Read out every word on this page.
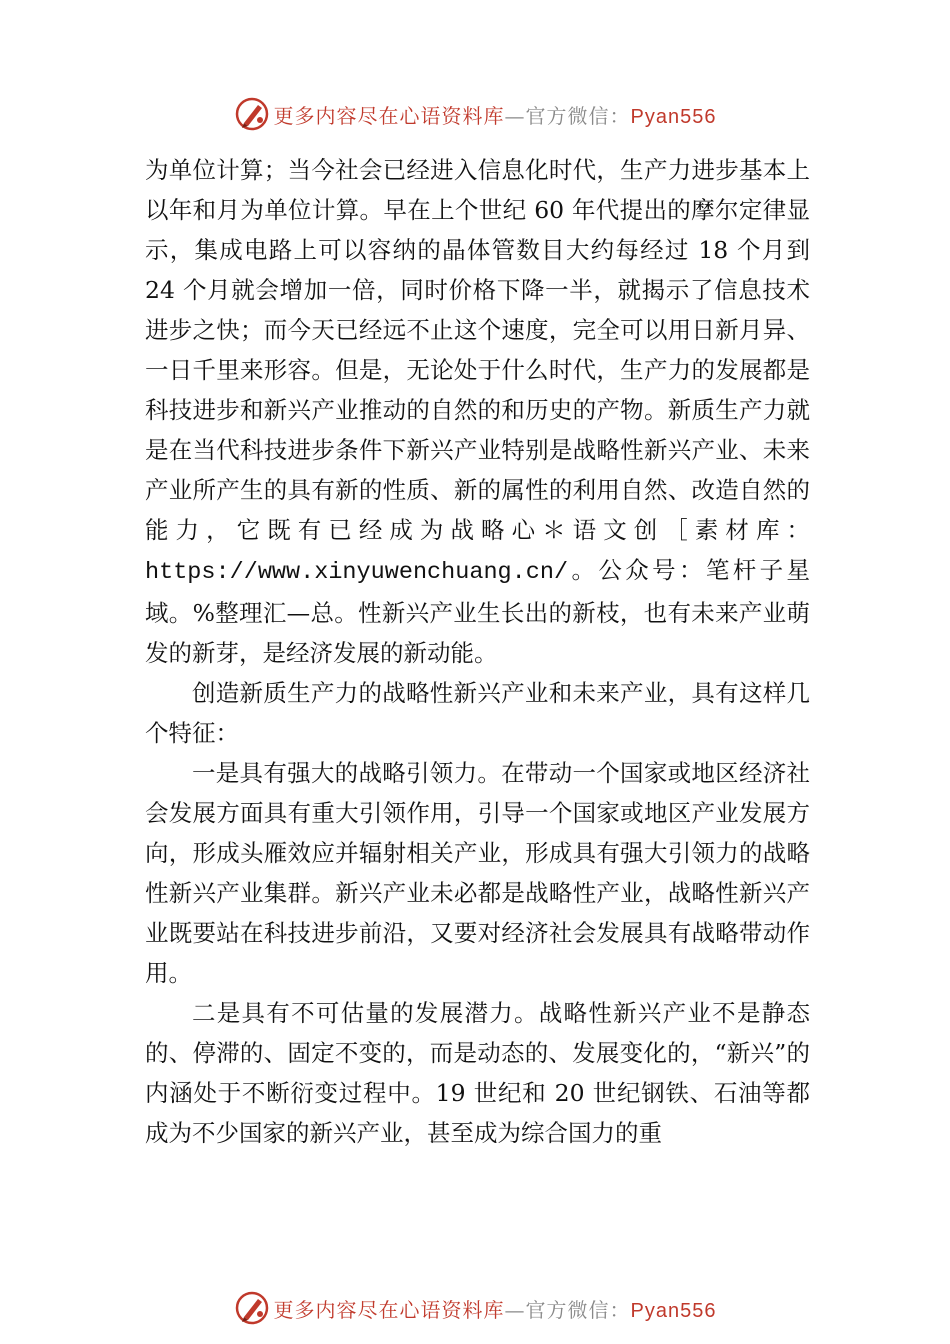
更多内容尽在心语资料库—官方微信：Pyan556

为单位计算；当今社会已经进入信息化时代，生产力进步基本上以年和月为单位计算。早在上个世纪 60 年代提出的摩尔定律显示，集成电路上可以容纳的晶体管数目大约每经过 18 个月到 24 个月就会增加一倍，同时价格下降一半，就揭示了信息技术进步之快；而今天已经远不止这个速度，完全可以用日新月异、一日千里来形容。但是，无论处于什么时代，生产力的发展都是科技进步和新兴产业推动的自然的和历史的产物。新质生产力就是在当代科技进步条件下新兴产业特别是战略性新兴产业、未来产业所产生的具有新的性质、新的属性的利用自然、改造自然的能力，它既有已经成为战略心＊语文创［素材库：https://www.xinyuwenchuang.cn/。公众号：笔杆子星域。%整理汇—总。性新兴产业生长出的新枝，也有未来产业萌发的新芽，是经济发展的新动能。

创造新质生产力的战略性新兴产业和未来产业，具有这样几个特征：

一是具有强大的战略引领力。在带动一个国家或地区经济社会发展方面具有重大引领作用，引导一个国家或地区产业发展方向，形成头雁效应并辐射相关产业，形成具有强大引领力的战略性新兴产业集群。新兴产业未必都是战略性产业，战略性新兴产业既要站在科技进步前沿，又要对经济社会发展具有战略带动作用。

二是具有不可估量的发展潜力。战略性新兴产业不是静态的、停滞的、固定不变的，而是动态的、发展变化的，“新兴”的内涵处于不断衍变过程中。19 世纪和 20 世纪钢铁、石油等都成为不少国家的新兴产业，甚至成为综合国力的重

更多内容尽在心语资料库—官方微信：Pyan556
